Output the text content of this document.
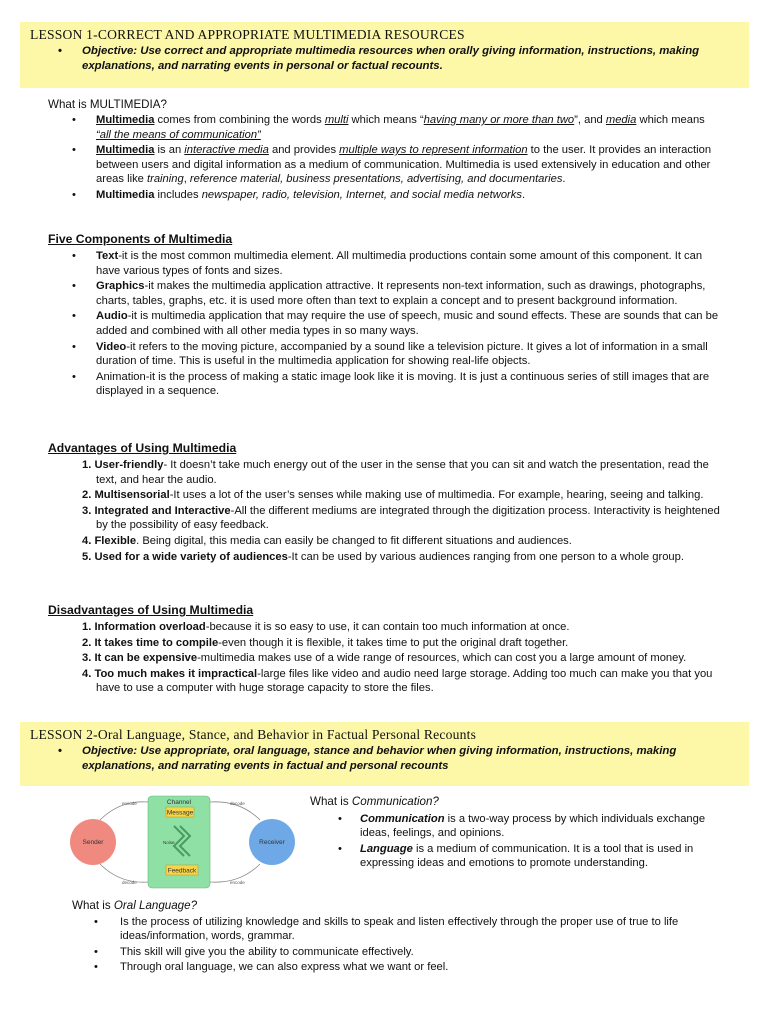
LESSON 1-CORRECT AND APPROPRIATE MULTIMEDIA RESOURCES
• Objective: Use correct and appropriate multimedia resources when orally giving information, instructions, making explanations, and narrating events in personal or factual recounts.
What is MULTIMEDIA?
• Multimedia comes from combining the words multi which means “having many or more than two”, and media which means “all the means of communication”
• Multimedia is an interactive media and provides multiple ways to represent information to the user. It provides an interaction between users and digital information as a medium of communication. Multimedia is used extensively in education and other areas like training, reference material, business presentations, advertising, and documentaries.
• Multimedia includes newspaper, radio, television, Internet, and social media networks.
Five Components of Multimedia
• Text-it is the most common multimedia element. All multimedia productions contain some amount of this component. It can have various types of fonts and sizes.
• Graphics-it makes the multimedia application attractive. It represents non-text information, such as drawings, photographs, charts, tables, graphs, etc. it is used more often than text to explain a concept and to present background information.
• Audio-it is multimedia application that may require the use of speech, music and sound effects. These are sounds that can be added and combined with all other media types in so many ways.
• Video-it refers to the moving picture, accompanied by a sound like a television picture. It gives a lot of information in a small duration of time. This is useful in the multimedia application for showing real-life objects.
• Animation-it is the process of making a static image look like it is moving. It is just a continuous series of still images that are displayed in a sequence.
Advantages of Using Multimedia
1. User-friendly- It doesn’t take much energy out of the user in the sense that you can sit and watch the presentation, read the text, and hear the audio.
2. Multisensorial-It uses a lot of the user’s senses while making use of multimedia. For example, hearing, seeing and talking.
3. Integrated and Interactive-All the different mediums are integrated through the digitization process. Interactivity is heightened by the possibility of easy feedback.
4. Flexible. Being digital, this media can easily be changed to fit different situations and audiences.
5. Used for a wide variety of audiences-It can be used by various audiences ranging from one person to a whole group.
Disadvantages of Using Multimedia
1. Information overload-because it is so easy to use, it can contain too much information at once.
2. It takes time to compile-even though it is flexible, it takes time to put the original draft together.
3. It can be expensive-multimedia makes use of a wide range of resources, which can cost you a large amount of money.
4. Too much makes it impractical-large files like video and audio need large storage. Adding too much can make you that you have to use a computer with huge storage capacity to store the files.
LESSON 2-Oral Language, Stance, and Behavior in Factual Personal Recounts
• Objective: Use appropriate, oral language, stance and behavior when giving information, instructions, making explanations, and narrating events in factual and personal recounts
Channel
Message
Noise
Feedback
Sender	Receiver
encode	decode
decode	encode
What is Communication?
• Communication is a two-way process by which individuals exchange ideas, feelings, and opinions.
• Language is a medium of communication. It is a tool that is used in expressing ideas and emotions to promote understanding.
What is Oral Language?
• Is the process of utilizing knowledge and skills to speak and listen effectively through the proper use of true to life ideas/information, words, grammar.
• This skill will give you the ability to communicate effectively.
• Through oral language, we can also express what we want or feel.
